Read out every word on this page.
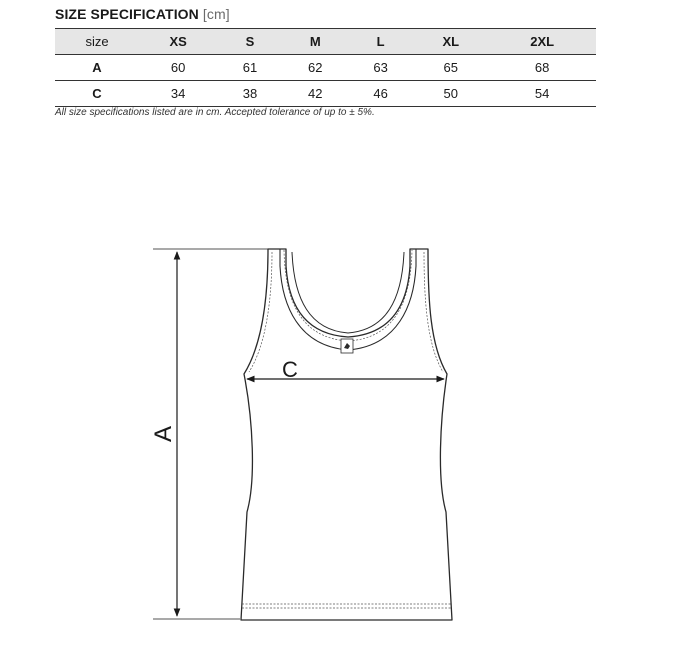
SIZE SPECIFICATION [cm]
size	XS	S	M	L	XL	2XL
A	60	61	62	63	65	68
C	34	38	42	46	50	54
All size specifications listed are in cm. Accepted tolerance of up to ± 5%.
C
A
